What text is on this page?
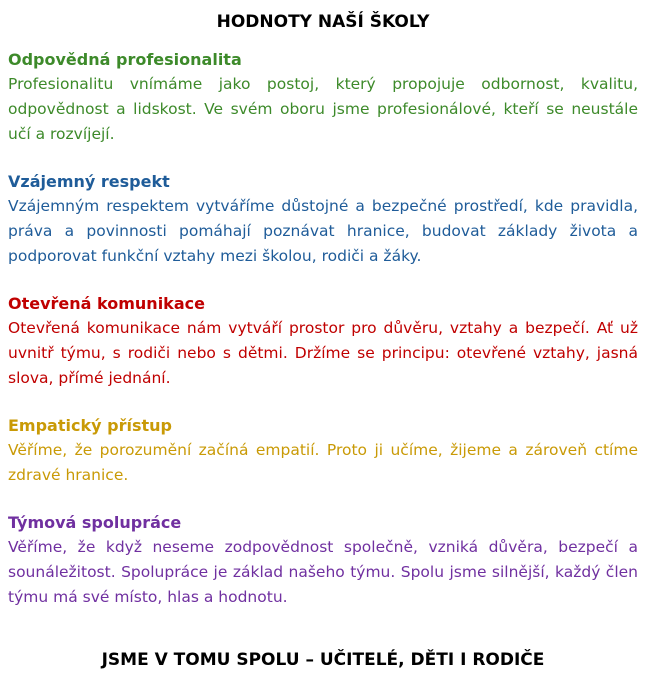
HODNOTY NAŠÍ ŠKOLY

Odpovědná profesionalita

Profesionalitu vnímáme jako postoj, který propojuje odbornost, kvalitu, odpovědnost a lidskost. Ve svém oboru jsme profesionálové, kteří se neustále učí a rozvíjejí.

Vzájemný respekt

Vzájemným respektem vytváříme důstojné a bezpečné prostředí, kde pravidla, práva a povinnosti pomáhají poznávat hranice, budovat základy života a podporovat funkční vztahy mezi školou, rodiči a žáky.

Otevřená komunikace

Otevřená komunikace nám vytváří prostor pro důvěru, vztahy a bezpečí. Ať už uvnitř týmu, s rodiči nebo s dětmi. Držíme se principu: otevřené vztahy, jasná slova, přímé jednání.

Empatický přístup

Věříme, že porozumění začíná empatií. Proto ji učíme, žijeme a zároveň ctíme zdravé hranice.

Týmová spolupráce

Věříme, že když neseme zodpovědnost společně, vzniká důvěra, bezpečí a sounáležitost. Spolupráce je základ našeho týmu. Spolu jsme silnější, každý člen týmu má své místo, hlas a hodnotu.

JSME V TOMU SPOLU – UČITELÉ, DĚTI I RODIČE
